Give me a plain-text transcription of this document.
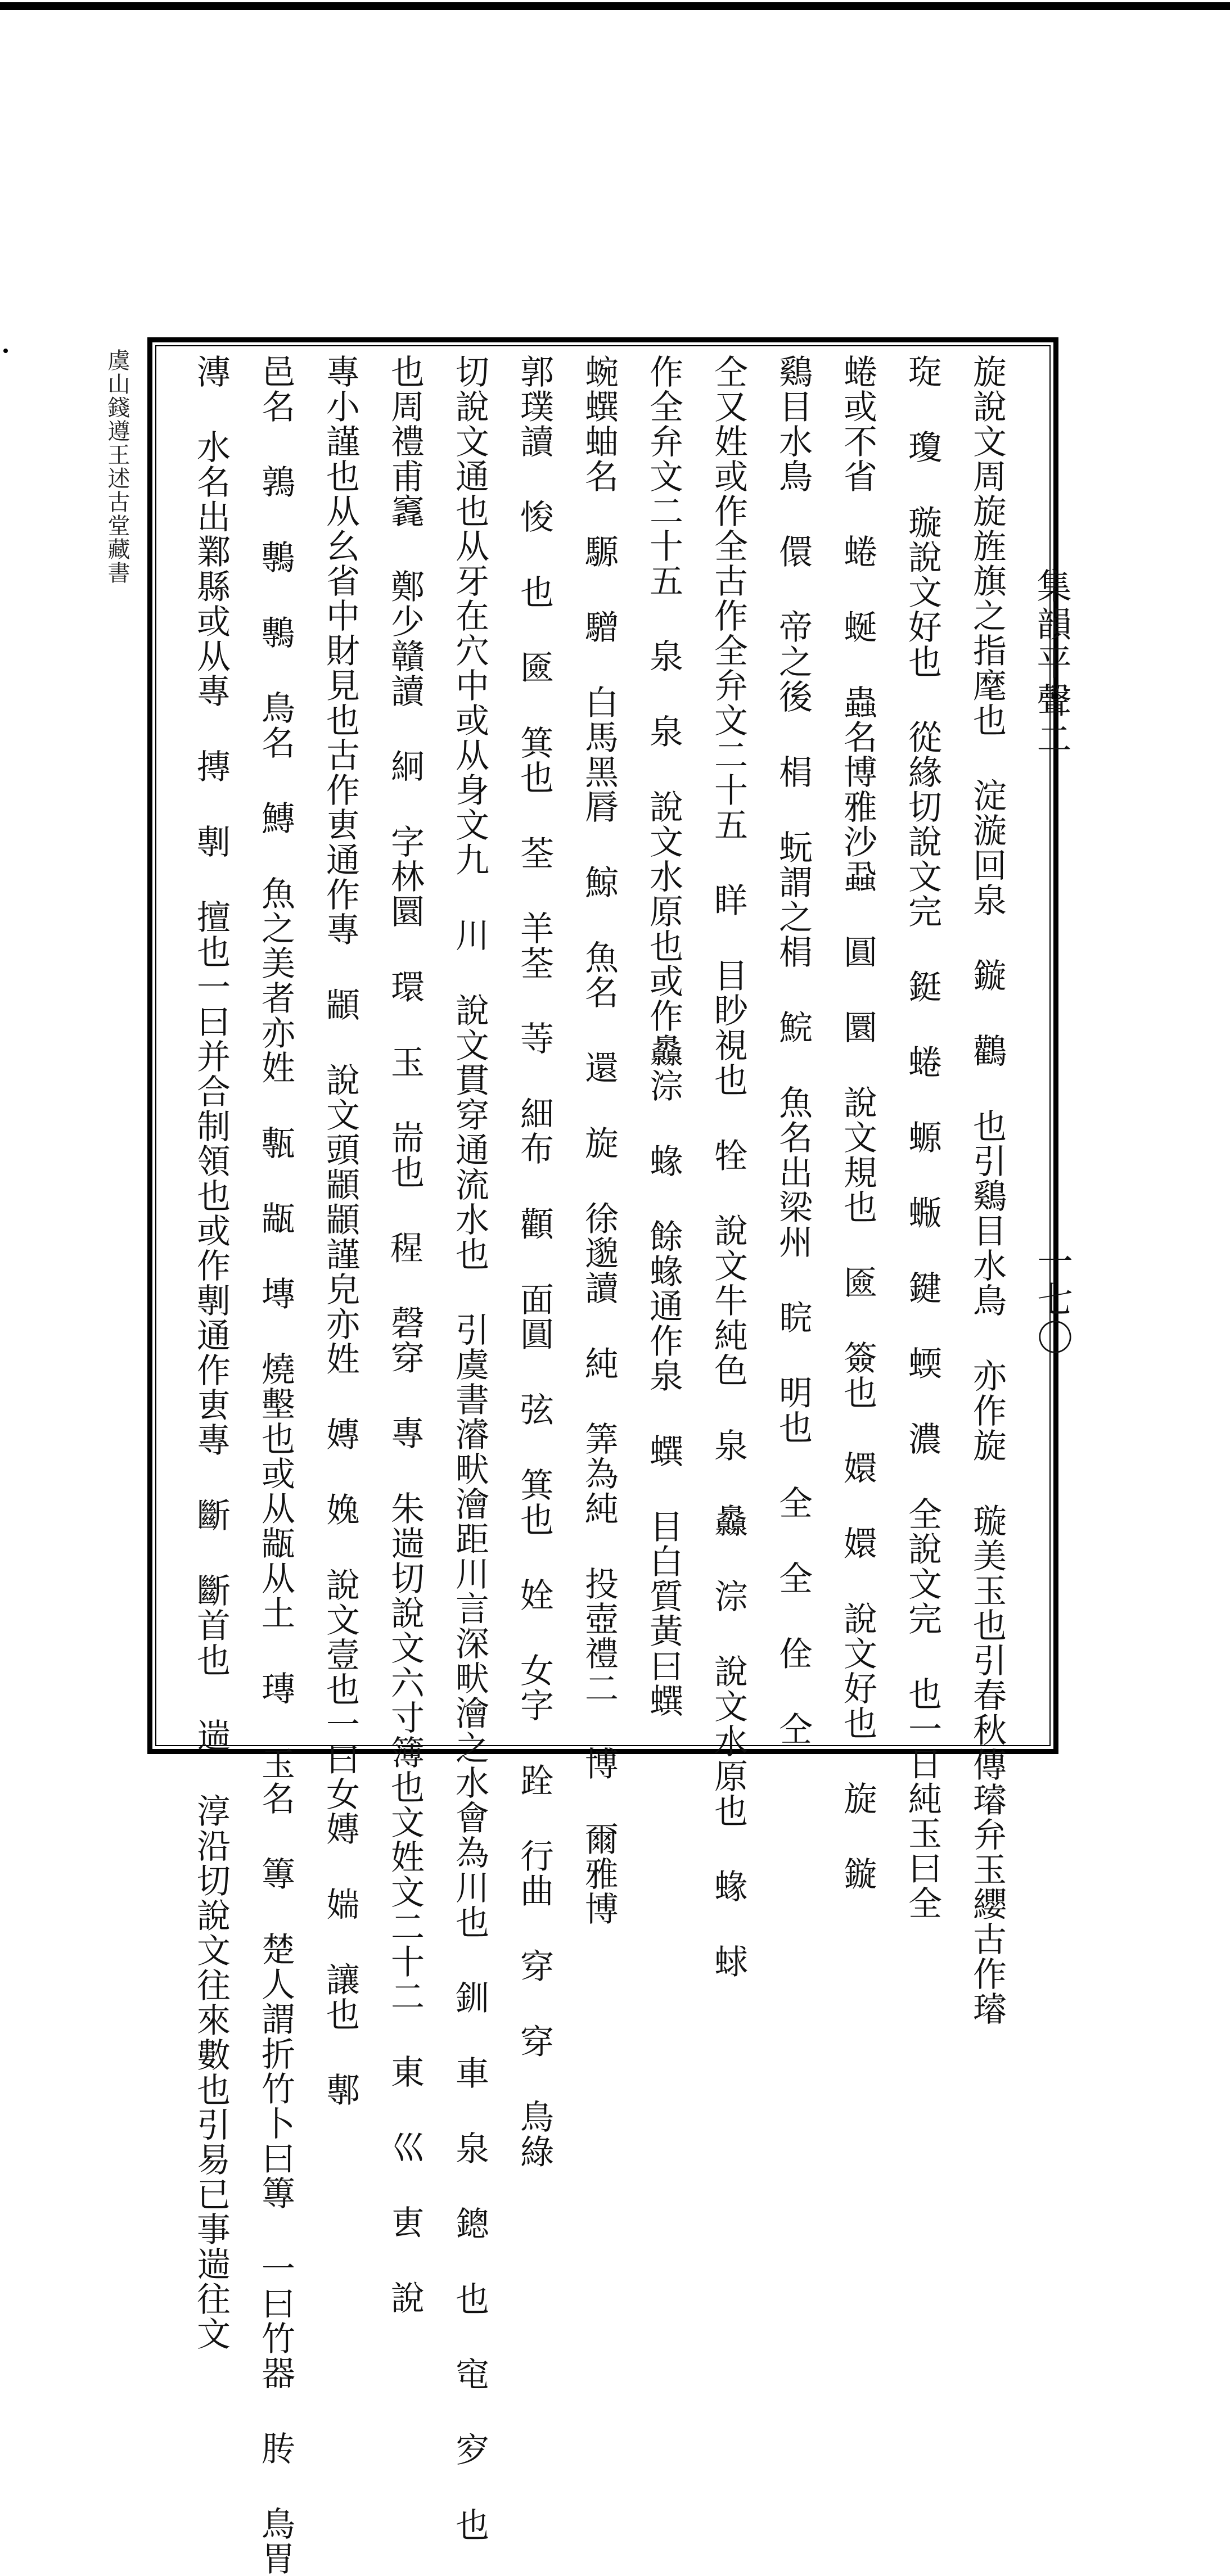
集韻平聲二
一七〇
虞山錢遵王述古堂藏書	旋說文周旋旌旗之指麾也 淀漩回泉 鏇 鸛 也引鷄目水鳥 亦作旋 璇美玉也引春秋傳璿弁玉纓古作璿
琁 瓊 璇說文好也 從緣切說文完 鋌 蜷 螈 蝂 鍵 蝡 濃 全說文完 也一日純玉曰全
蜷或不省 蜷 蜒 蟲名博雅沙蝨 圓 圜 說文規也 匳 簽也 嬛 嬛 說文好也 旋 鏇
鷄目水鳥 儇 帝之後 梋 蚖謂之梋 鯇 魚名出梁州 睆 明也 全 全 佺 仝
仝又姓或作全古作全弁文二十五 眻 目眇視也 牷 說文牛純色 泉 灥 淙 說文水原也 蝝 蛷
作全弁文二十五 泉 泉 說文水原也或作灥淙 蝝 餘蝝通作泉 蟤 目白質黃曰蟤
蜿蟤蚰名 騵 驓 白馬黑脣 鯨 魚名 還 旋 徐邈讀 純 筭為純 投壺禮二 博 爾雅博
郭璞讀 悛 也 匳 箕也 荃 羊荃 䓁 細布 顴 面圓 弦 箕也 姾 女字 跧 行曲 穿 穿 鳥綠
切說文通也从牙在穴中或从身文九 川 說文貫穿通流水也 引虞書濬畎澮距川言深畎澮之水會為川也 釧 車 泉 鏓 也 窀 穸 也
也周禮甫竁 鄭少贛讀 絅 字林圜 環 玉 耑也 𥠀 磬穿 專 朱遄切說文六寸簿也文姓文二十二 東 巛 叀 說
專小謹也从幺省中財見也古作叀通作專 顓 說文頭顓顓謹皃亦姓 嫥 婏 說文壹也一曰女嫥 媏 讓也 鄟
邑名 鶉 鷒 鷒 鳥名 鱄 魚之美者亦姓 甎 㼷 塼 燒墼也或从㼷从土 瑼 玉名 篿 楚人謂折竹卜曰篿 一曰竹器 䏝 鳥胃
漙 水名出鄴縣或从專 摶 剸 擅也一曰并合制領也或作剸通作叀專 斷 斷首也 遄 淳沿切說文往來數也引易已事遄往文
